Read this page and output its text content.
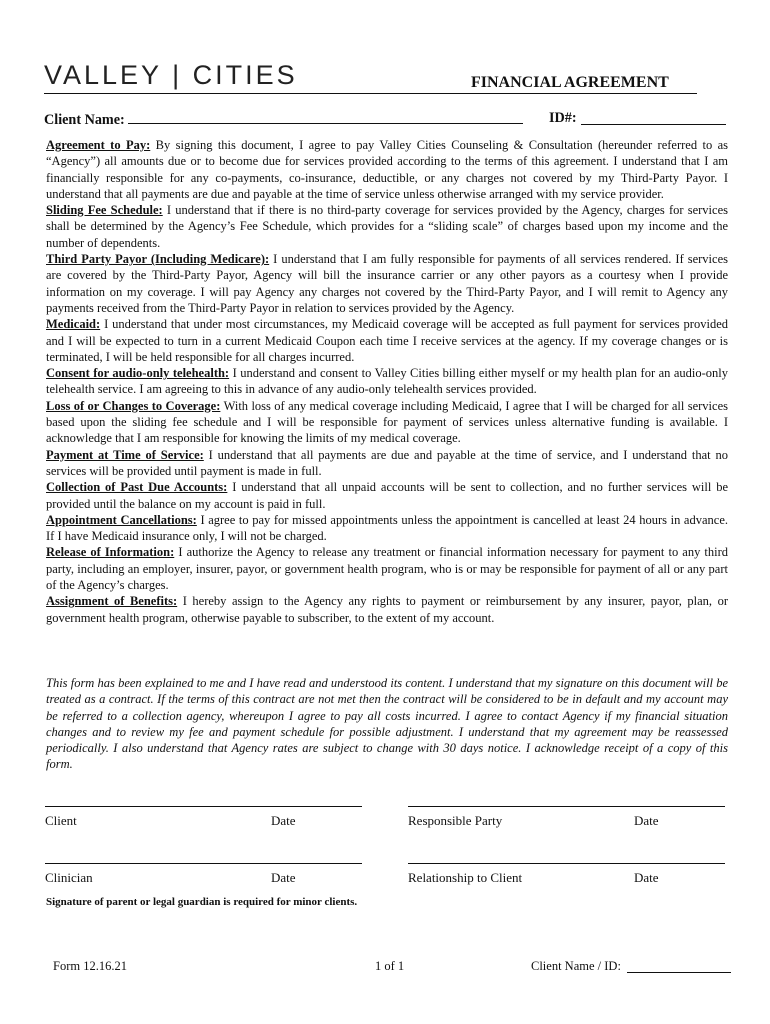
VALLEY | CITIES	FINANCIAL AGREEMENT
Client Name:	ID#:

Agreement to Pay: By signing this document, I agree to pay Valley Cities Counseling & Consultation (hereunder referred to as “Agency”) all amounts due or to become due for services provided according to the terms of this agreement. I understand that I am financially responsible for any co-payments, co-insurance, deductible, or any charges not covered by my Third-Party Payor. I understand that all payments are due and payable at the time of service unless otherwise arranged with my service provider.

Sliding Fee Schedule: I understand that if there is no third-party coverage for services provided by the Agency, charges for services shall be determined by the Agency’s Fee Schedule, which provides for a “sliding scale” of charges based upon my income and the number of dependents.

Third Party Payor (Including Medicare): I understand that I am fully responsible for payments of all services rendered. If services are covered by the Third-Party Payor, Agency will bill the insurance carrier or any other payors as a courtesy when I provide information on my coverage. I will pay Agency any charges not covered by the Third-Party Payor, and I will remit to Agency any payments received from the Third-Party Payor in relation to services provided by the Agency.

Medicaid: I understand that under most circumstances, my Medicaid coverage will be accepted as full payment for services provided and I will be expected to turn in a current Medicaid Coupon each time I receive services at the agency. If my coverage changes or is terminated, I will be held responsible for all charges incurred.

Consent for audio-only telehealth: I understand and consent to Valley Cities billing either myself or my health plan for an audio-only telehealth service. I am agreeing to this in advance of any audio-only telehealth services provided.

Loss of or Changes to Coverage: With loss of any medical coverage including Medicaid, I agree that I will be charged for all services based upon the sliding fee schedule and I will be responsible for payment of services unless alternative funding is available. I acknowledge that I am responsible for knowing the limits of my medical coverage.

Payment at Time of Service: I understand that all payments are due and payable at the time of service, and I understand that no services will be provided until payment is made in full.

Collection of Past Due Accounts: I understand that all unpaid accounts will be sent to collection, and no further services will be provided until the balance on my account is paid in full.

Appointment Cancellations: I agree to pay for missed appointments unless the appointment is cancelled at least 24 hours in advance. If I have Medicaid insurance only, I will not be charged.

Release of Information: I authorize the Agency to release any treatment or financial information necessary for payment to any third party, including an employer, insurer, payor, or government health program, who is or may be responsible for payment of all or any part of the Agency’s charges.

Assignment of Benefits: I hereby assign to the Agency any rights to payment or reimbursement by any insurer, payor, plan, or government health program, otherwise payable to subscriber, to the extent of my account.

This form has been explained to me and I have read and understood its content. I understand that my signature on this document will be treated as a contract. If the terms of this contract are not met then the contract will be considered to be in default and my account may be referred to a collection agency, whereupon I agree to pay all costs incurred. I agree to contact Agency if my financial situation changes and to review my fee and payment schedule for possible adjustment. I understand that my agreement may be reassessed periodically. I also understand that Agency rates are subject to change with 30 days notice. I acknowledge receipt of a copy of this form.
Client	Date	Responsible Party	Date
Clinician	Date	Relationship to Client	Date
Signature of parent or legal guardian is required for minor clients.
Form 12.16.21	1 of 1	Client Name / ID:
